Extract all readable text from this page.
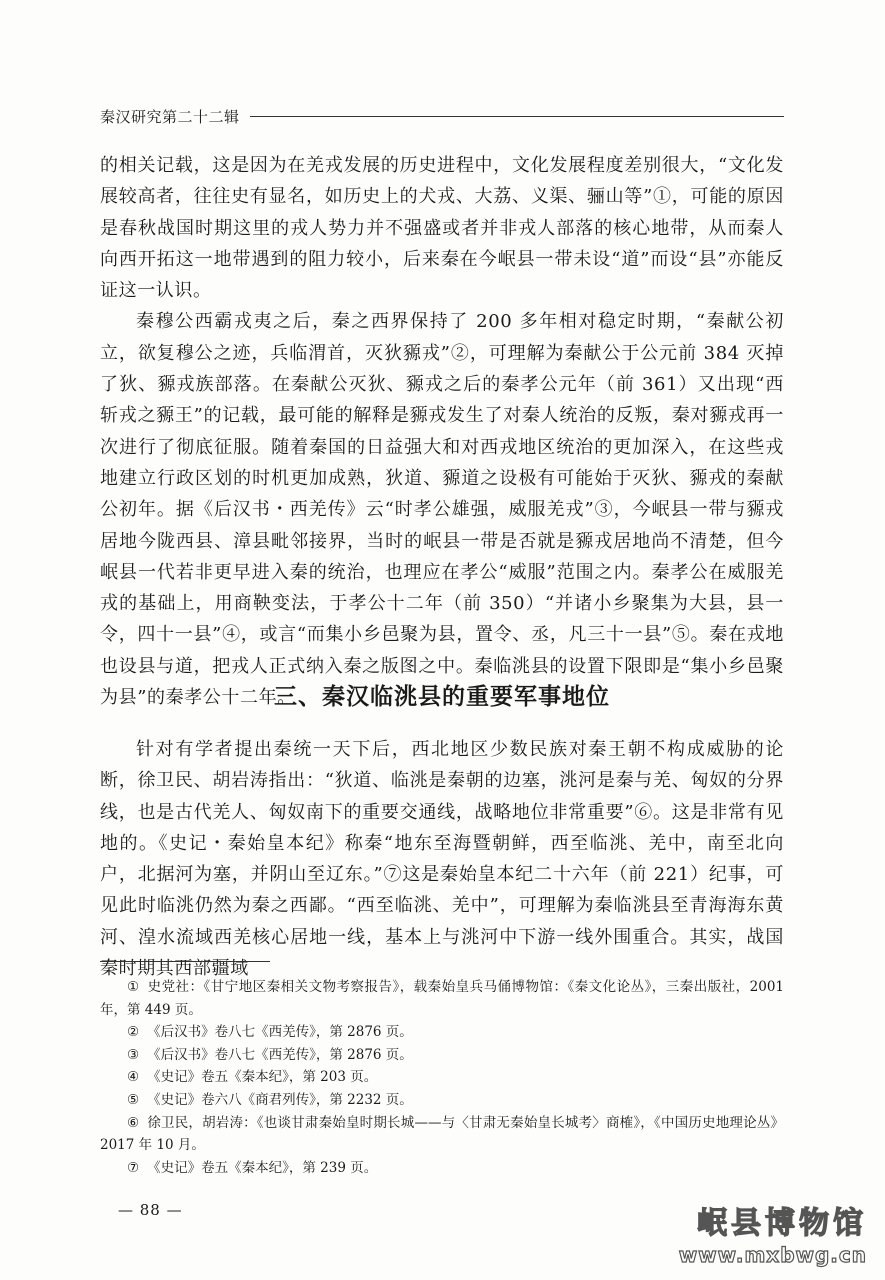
秦汉研究第二十二辑

的相关记载，这是因为在羌戎发展的历史进程中，文化发展程度差别很大，“文化发展较高者，往往史有显名，如历史上的犬戎、大荔、义渠、骊山等”①，可能的原因是春秋战国时期这里的戎人势力并不强盛或者并非戎人部落的核心地带，从而秦人向西开拓这一地带遇到的阻力较小，后来秦在今岷县一带未设“道”而设“县”亦能反证这一认识。

秦穆公西霸戎夷之后，秦之西界保持了 200 多年相对稳定时期，“秦献公初立，欲复穆公之迹，兵临渭首，灭狄豲戎”②，可理解为秦献公于公元前 384 灭掉了狄、豲戎族部落。在秦献公灭狄、豲戎之后的秦孝公元年（前 361）又出现“西斩戎之豲王”的记载，最可能的解释是豲戎发生了对秦人统治的反叛，秦对豲戎再一次进行了彻底征服。随着秦国的日益强大和对西戎地区统治的更加深入，在这些戎地建立行政区划的时机更加成熟，狄道、豲道之设极有可能始于灭狄、豲戎的秦献公初年。据《后汉书・西羌传》云“时孝公雄强，威服羌戎”③，今岷县一带与豲戎居地今陇西县、漳县毗邻接界，当时的岷县一带是否就是豲戎居地尚不清楚，但今岷县一代若非更早进入秦的统治，也理应在孝公“威服”范围之内。秦孝公在威服羌戎的基础上，用商鞅变法，于孝公十二年（前 350）“并诸小乡聚集为大县，县一令，四十一县”④，或言“而集小乡邑聚为县，置令、丞，凡三十一县”⑤。秦在戎地也设县与道，把戎人正式纳入秦之版图之中。秦临洮县的设置下限即是“集小乡邑聚为县”的秦孝公十二年。

三、秦汉临洮县的重要军事地位

针对有学者提出秦统一天下后，西北地区少数民族对秦王朝不构成威胁的论断，徐卫民、胡岩涛指出：“狄道、临洮是秦朝的边塞，洮河是秦与羌、匈奴的分界线，也是古代羌人、匈奴南下的重要交通线，战略地位非常重要”⑥。这是非常有见地的。《史记・秦始皇本纪》称秦“地东至海暨朝鲜，西至临洮、羌中，南至北向户，北据河为塞，并阴山至辽东。”⑦这是秦始皇本纪二十六年（前 221）纪事，可见此时临洮仍然为秦之西鄙。“西至临洮、羌中”，可理解为秦临洮县至青海海东黄河、湟水流域西羌核心居地一线，基本上与洮河中下游一线外围重合。其实，战国秦时期其西部疆域

① 史党社：《甘宁地区秦相关文物考察报告》，载秦始皇兵马俑博物馆：《秦文化论丛》，三秦出版社，2001 年，第 449 页。

② 《后汉书》卷八七《西羌传》，第 2876 页。

③ 《后汉书》卷八七《西羌传》，第 2876 页。

④ 《史记》卷五《秦本纪》，第 203 页。

⑤ 《史记》卷六八《商君列传》，第 2232 页。

⑥ 徐卫民，胡岩涛：《也谈甘肃秦始皇时期长城——与〈甘肃无秦始皇长城考〉商榷》，《中国历史地理论丛》2017 年 10 月。

⑦ 《史记》卷五《秦本纪》，第 239 页。

— 88 —	岷县博物馆
www.mxbwg.cn
